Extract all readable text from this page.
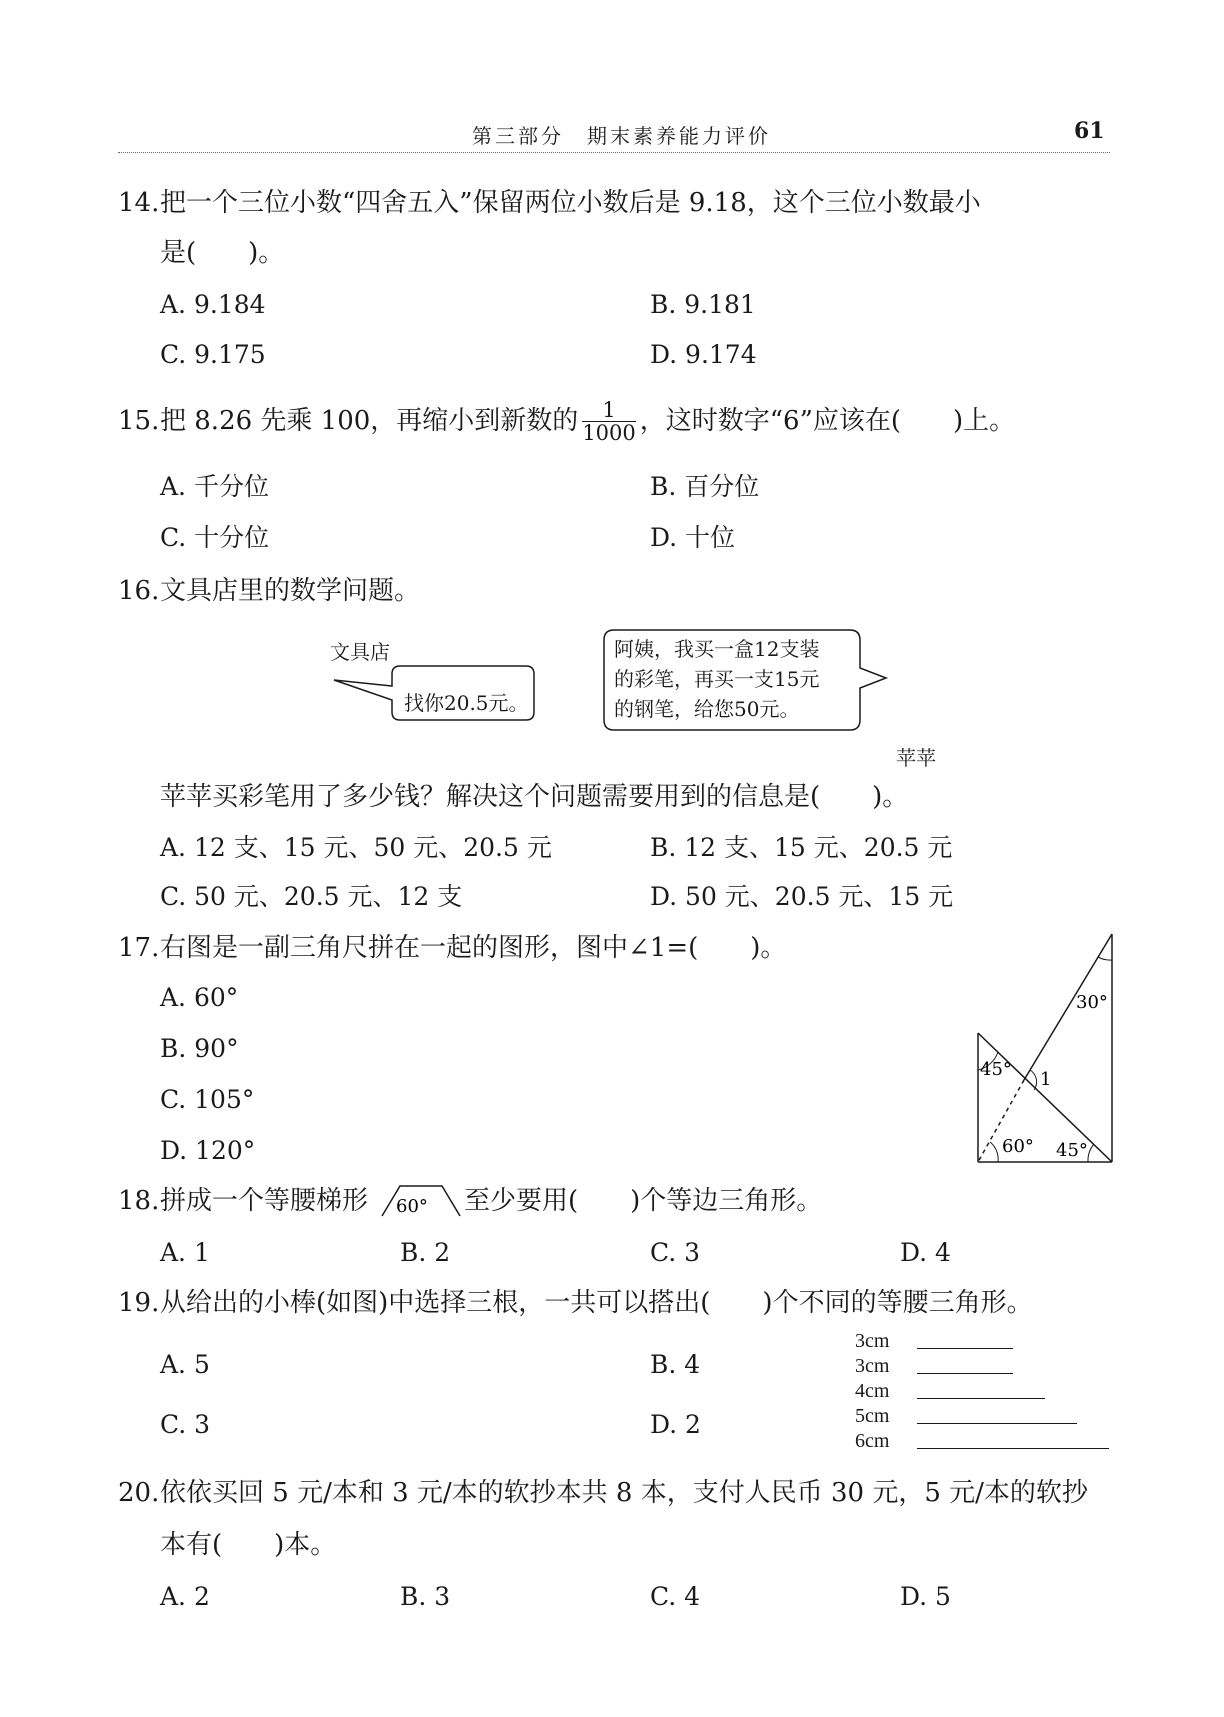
第三部分　期末素养能力评价	61
14. 把一个三位小数“四舍五入”保留两位小数后是 9.18，这个三位小数最小
是(　　)。
A. 9.184	B. 9.181
C. 9.175	D. 9.174
15. 把 8.26 先乘 100，再缩小到新数的 $\frac{1}{1000}$ ，这时数字“6”应该在(　　)上。
A. 千分位	B. 百分位
C. 十分位	D. 十位
16. 文具店里的数学问题。
文具店
找你20.5元。
阿姨，我买一盒12支装
的彩笔，再买一支15元
的钢笔，给您50元。
苹苹
苹苹买彩笔用了多少钱？解决这个问题需要用到的信息是(　　)。
A. 12 支、15 元、50 元、20.5 元	B. 12 支、15 元、20.5 元
C. 50 元、20.5 元、12 支	D. 50 元、20.5 元、15 元
17. 右图是一副三角尺拼在一起的图形，图中∠1=(　　)。
A. 60°
B. 90°
C. 105°
D. 120°
30°
45° 1
60° 45°
18. 拼成一个等腰梯形 60° 至少要用(　　)个等边三角形。
A. 1	B. 2	C. 3	D. 4
19. 从给出的小棒(如图)中选择三根，一共可以搭出(　　)个不同的等腰三角形。
A. 5	B. 4
C. 3	D. 2
3cm
3cm
4cm
5cm
6cm
20. 依依买回 5 元/本和 3 元/本的软抄本共 8 本，支付人民币 30 元，5 元/本的软抄
本有(　　)本。
A. 2	B. 3	C. 4	D. 5
